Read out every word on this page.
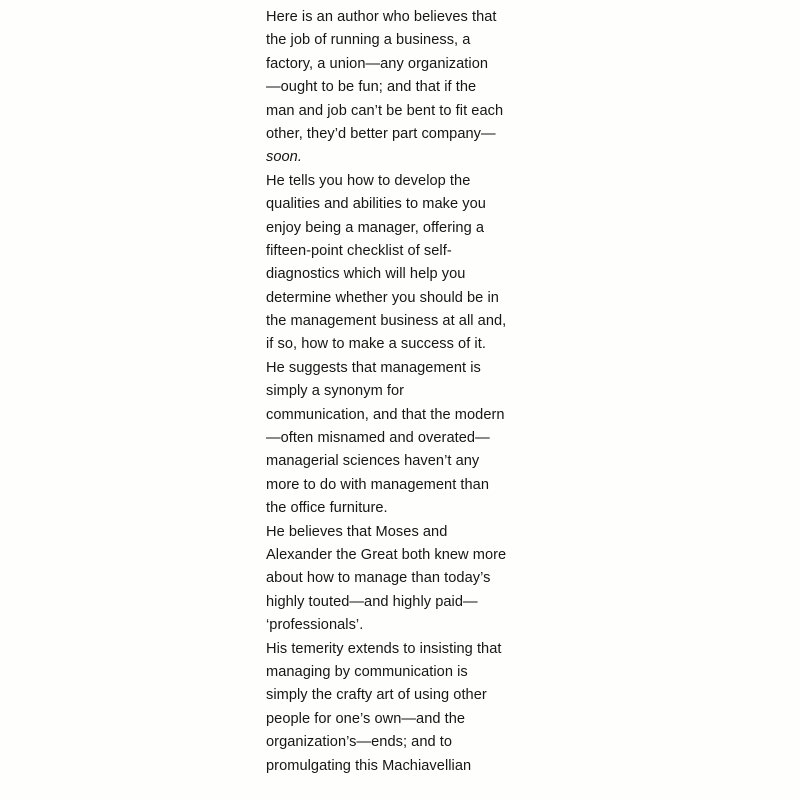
Here is an author who believes that
the job of running a business, a
factory, a union—any organization
—ought to be fun; and that if the
man and job can’t be bent to fit each
other, they’d better part company—
soon.

He tells you how to develop the
qualities and abilities to make you
enjoy being a manager, offering a
fifteen-point checklist of self-
diagnostics which will help you
determine whether you should be in
the management business at all and,
if so, how to make a success of it.

He suggests that management is
simply a synonym for
communication, and that the modern
—often misnamed and overated—
managerial sciences haven’t any
more to do with management than
the office furniture.

He believes that Moses and
Alexander the Great both knew more
about how to manage than today’s
highly touted—and highly paid—
‘professionals’.

His temerity extends to insisting that
managing by communication is
simply the crafty art of using other
people for one’s own—and the
organization’s—ends; and to
promulgating this Machiavellian
